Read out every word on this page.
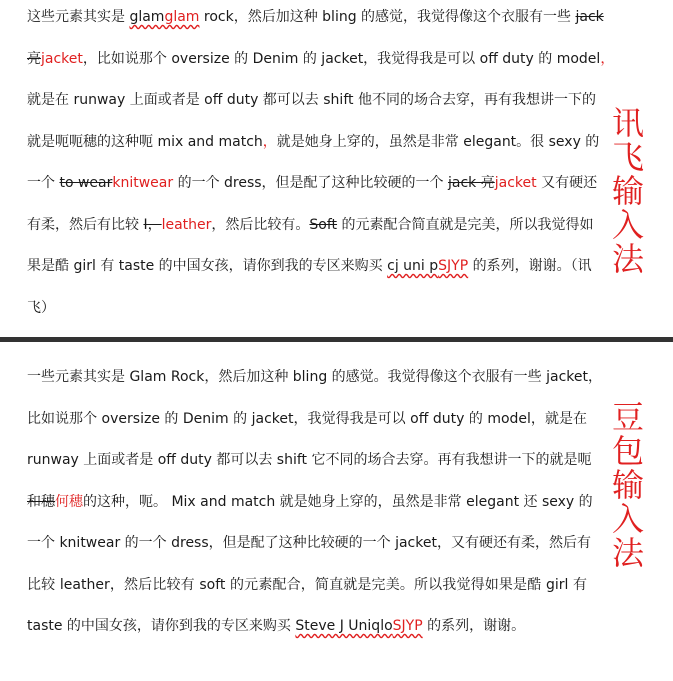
这些元素其实是 glamglam rock，然后加这种 bling 的感觉，我觉得像这个衣服有一些 jack
亮jacket，比如说那个 oversize 的 Denim 的 jacket，我觉得我是可以 off duty 的 model，
就是在 runway 上面或者是 off duty 都可以去 shift 他不同的场合去穿，再有我想讲一下的
就是呃呃穗的这种呃 mix and match，就是她身上穿的，虽然是非常 elegant。很 sexy 的
一个 to wearknitwear 的一个 dress，但是配了这种比较硬的一个 jack 亮jacket 又有硬还
有柔，然后有比较 I，leather，然后比较有。Soft 的元素配合简直就是完美，所以我觉得如
果是酷 girl 有 taste 的中国女孩，请你到我的专区来购买 cj uni pSJYP 的系列，谢谢。（讯
飞）
讯
飞
输
入
法
一些元素其实是 Glam Rock，然后加这种 bling 的感觉。我觉得像这个衣服有一些 jacket，
比如说那个 oversize 的 Denim 的 jacket，我觉得我是可以 off duty 的 model，就是在
runway 上面或者是 off duty 都可以去 shift 它不同的场合去穿。再有我想讲一下的就是呃
和穗何穗的这种，呃。 Mix and match 就是她身上穿的，虽然是非常 elegant 还 sexy 的
一个 knitwear 的一个 dress，但是配了这种比较硬的一个 jacket，又有硬还有柔，然后有
比较 leather，然后比较有 soft 的元素配合，简直就是完美。所以我觉得如果是酷 girl 有
taste 的中国女孩，请你到我的专区来购买 Steve J UniqloSJYP 的系列，谢谢。
豆
包
输
入
法
